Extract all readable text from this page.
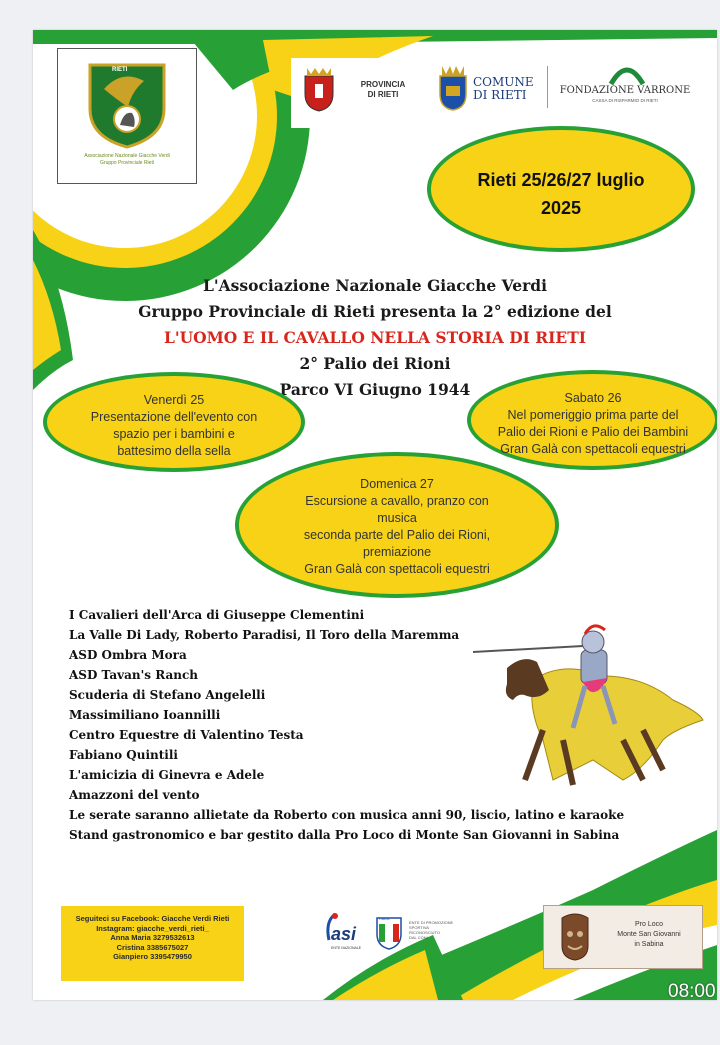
RIETI
Associazione Nazionale Giacche Verdi
Gruppo Provinciale Rieti
PROVINCIA
DI RIETI
COMUNE
DI RIETI	FONDAZIONE VARRONE
CASSA DI RISPARMIO DI RIETI
Rieti 25/26/27 luglio
2025
L'Associazione Nazionale Giacche Verdi
Gruppo Provinciale di Rieti presenta la 2° edizione del
L'UOMO E IL CAVALLO NELLA STORIA DI RIETI
2° Palio dei Rioni
Parco VI Giugno 1944
Venerdì 25
Presentazione dell'evento con
spazio per i bambini e
battesimo della sella
Sabato 26
Nel pomeriggio prima parte del
Palio dei Rioni e Palio dei Bambini
Gran Galà con spettacoli equestri
Domenica 27
Escursione a cavallo, pranzo con
musica
seconda parte del Palio dei Rioni,
premiazione
Gran Galà con spettacoli equestri
I Cavalieri dell'Arca di Giuseppe Clementini
La Valle Di Lady, Roberto Paradisi, Il Toro della Maremma
ASD Ombra Mora
ASD Tavan's Ranch
Scuderia di Stefano Angelelli
Massimiliano Ioannilli
Centro Equestre di Valentino Testa
Fabiano Quintili
L'amicizia di Ginevra e Adele
Amazzoni del vento
Le serate saranno allietate da Roberto con musica anni 90, liscio, latino e karaoke
Stand gastronomico e bar gestito dalla Pro Loco di Monte San Giovanni in Sabina
Seguiteci su Facebook: Giacche Verdi Rieti
Instagram: giacche_verdi_rieti_
Anna Maria 3279532613
Cristina 3385675027
Gianpiero 3395479950
asi
ENTE NAZIONALE
ITALIA
ENTE DI PROMOZIONE
SPORTIVA
RICONOSCIUTO
DAL CONI
Pro Loco
Monte San Giovanni
in Sabina
08:00
